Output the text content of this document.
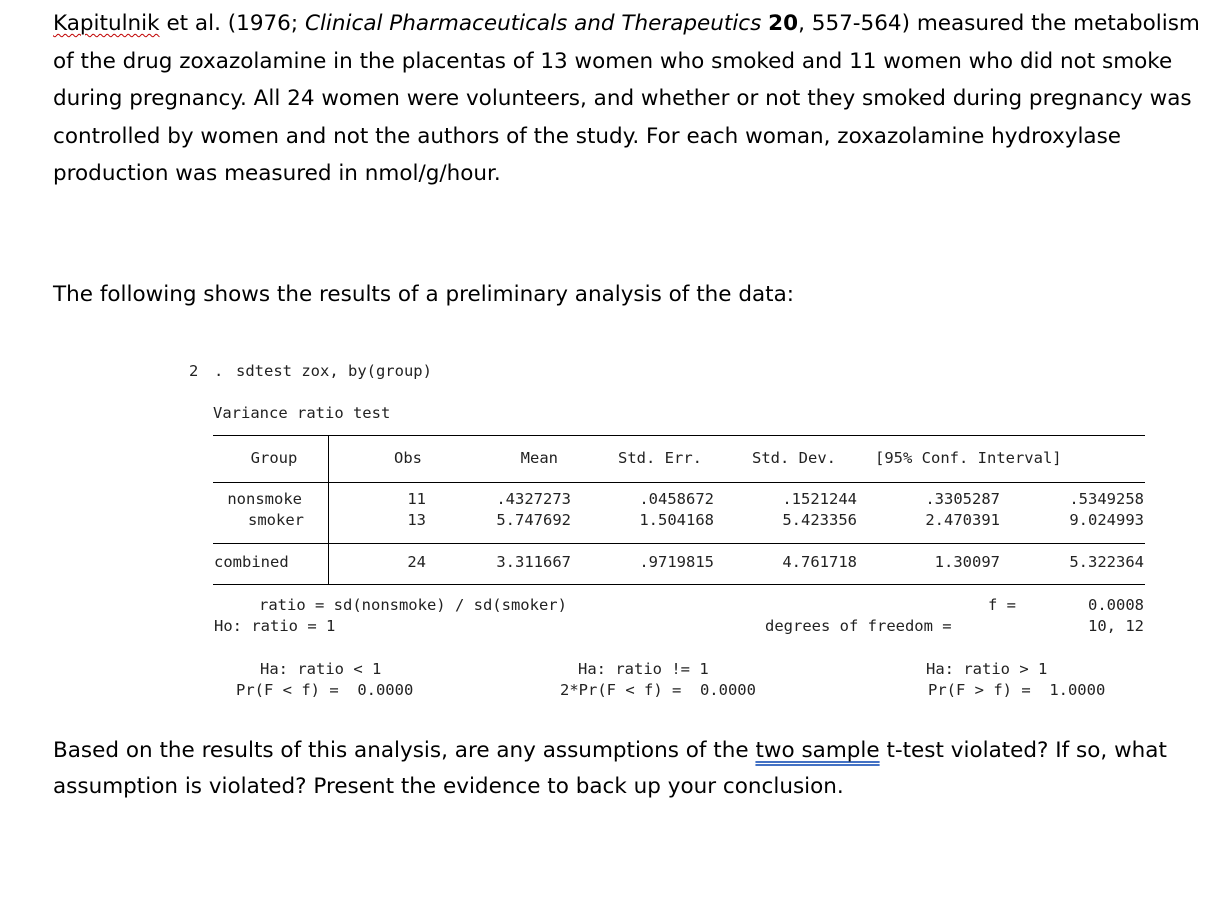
Kapitulnik et al. (1976; Clinical Pharmaceuticals and Therapeutics 20, 557-564) measured the metabolism of the drug zoxazolamine in the placentas of 13 women who smoked and 11 women who did not smoke during pregnancy. All 24 women were volunteers, and whether or not they smoked during pregnancy was controlled by women and not the authors of the study. For each woman, zoxazolamine hydroxylase production was measured in nmol/g/hour.

The following shows the results of a preliminary analysis of the data:

2 . sdtest zox, by(group)
Variance ratio test
Group	Obs	Mean	Std. Err.	Std. Dev.	[95% Conf. Interval]
nonsmoke	11	.4327273	.0458672	.1521244	.3305287	.5349258
smoker	13	5.747692	1.504168	5.423356	2.470391	9.024993
combined	24	3.311667	.9719815	4.761718	1.30097	5.322364
ratio = sd(nonsmoke) / sd(smoker)	f =	0.0008
Ho: ratio = 1	degrees of freedom =	10, 12
Ha: ratio < 1
Pr(F < f) =  0.0000
Ha: ratio != 1
2*Pr(F < f) =  0.0000
Ha: ratio > 1
Pr(F > f) =  1.0000

Based on the results of this analysis, are any assumptions of the two sample t-test violated? If so, what assumption is violated? Present the evidence to back up your conclusion.
